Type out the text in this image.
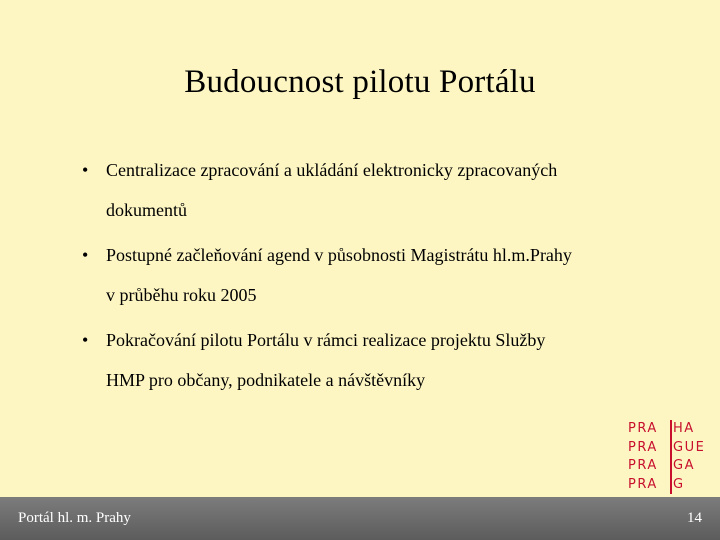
Budoucnost pilotu Portálu
• Centralizace zpracování a ukládání elektronicky zpracovaných
dokumentů
• Postupné začleňování agend v působnosti Magistrátu hl.m.Prahy
v průběhu roku 2005
• Pokračování pilotu Portálu v rámci realizace projektu Služby
HMP pro občany, podnikatele a návštěvníky
PRA
PRA
PRA
PRA
HA
GUE
GA
G
Portál hl. m. Prahy	14
